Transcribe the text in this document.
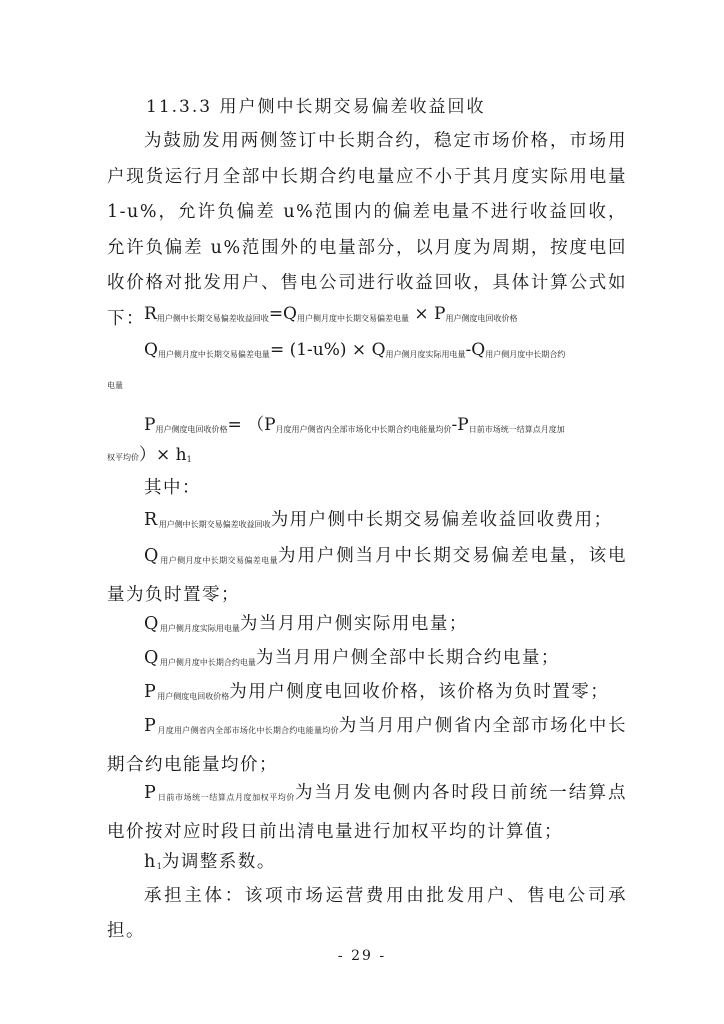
11.3.3 用户侧中长期交易偏差收益回收

为鼓励发用两侧签订中长期合约，稳定市场价格，市场用户现货运行月全部中长期合约电量应不小于其月度实际用电量1-u%，允许负偏差 u%范围内的偏差电量不进行收益回收，允许负偏差 u%范围外的电量部分，以月度为周期，按度电回收价格对批发用户、售电公司进行收益回收，具体计算公式如下： $R_{用户侧中长期交易偏差收益回收}=Q_{用户侧月度中长期交易偏差电量} \times P_{用户侧度电回收价格}$
$Q_{用户侧月度中长期交易偏差电量}= (1-u\%) \times Q_{用户侧月度实际用电量}-Q_{用户侧月度中长期合约}$
电量
$P_{用户侧度电回收价格}= (P_{月度用户侧省内全部市场化中长期合约电能量均价}-P_{日前市场统一结算点月度加}$
权平均价）× $h_1$
其中：

$R_{用户侧中长期交易偏差收益回收}$为用户侧中长期交易偏差收益回收费用；

$Q_{用户侧月度中长期交易偏差电量}$为用户侧当月中长期交易偏差电量，该电量为负时置零；

$Q_{用户侧月度实际用电量}$为当月用户侧实际用电量；

$Q_{用户侧月度中长期合约电量}$为当月用户侧全部中长期合约电量；

$P_{用户侧度电回收价格}$为用户侧度电回收价格，该价格为负时置零；

$P_{月度用户侧省内全部市场化中长期合约电能量均价}$为当月用户侧省内全部市场化中长期合约电能量均价；

$P_{日前市场统一结算点月度加权平均价}$为当月发电侧内各时段日前统一结算点电价按对应时段日前出清电量进行加权平均的计算值；

$h_1$为调整系数。

承担主体：该项市场运营费用由批发用户、售电公司承担。

- 29 -
